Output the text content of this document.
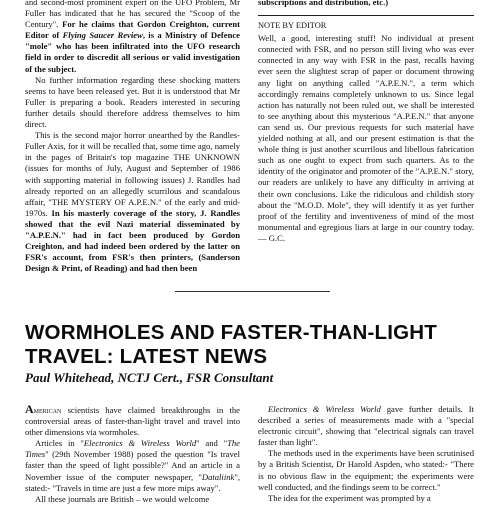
and second-most prominent expert on the UFO Problem, Mr Fuller has indicated that he has secured the "Scoop of the Century". For he claims that Gordon Creighton, current Editor of Flying Saucer Review, is a Ministry of Defence "mole" who has been infiltrated into the UFO research field in order to discredit all serious or valid investigation of the subject.

No further information regarding these shocking matters seems to have been released yet. But it is understood that Mr Fuller is preparing a book. Readers interested in securing further details should therefore address themselves to him direct.

This is the second major horror unearthed by the Randles-Fuller Axis, for it will be recalled that, some time ago, namely in the pages of Britain's top magazine THE UNKNOWN (issues for months of July, August and September of 1986 with supporting material in following issues) J. Randles had already reported on an allegedly scurrilous and scandalous affair, "THE MYSTERY OF A.P.E.N." of the early and mid-1970s. In his masterly coverage of the story, J. Randles showed that the evil Nazi material disseminated by "A.P.E.N." had in fact been produced by Gordon Creighton, and had indeed been ordered by the latter on FSR's account, from FSR's then printers, (Sanderson Design & Print, of Reading) and had then been

subscriptions and distribution, etc.)

NOTE BY EDITOR

Well, a good, interesting stuff! No individual at present connected with FSR, and no person still living who was ever connected in any way with FSR in the past, recalls having ever seen the slightest scrap of paper or document throwing any light on anything called "A.P.E.N.", a term which accordingly remains completely unknown to us. Since legal action has naturally not been ruled out, we shall be interested to see anything about this mysterious "A.P.E.N." that anyone can send us. Our previous requests for such material have yielded nothing at all, and our present estimation is that the whole thing is just another scurrilous and libellous fabrication such as one ought to expect from such quarters. As to the identity of the originator and promoter of the "A.P.E.N." story, our readers are unlikely to have any difficulty in arriving at their own conclusions. Like the ridiculous and childish story about the "M.O.D. Mole", they will identify it as yet further proof of the fertility and inventiveness of mind of the most monumental and egregious liars at large in our country today. — G.C.

WORMHOLES AND FASTER-THAN-LIGHT TRAVEL: LATEST NEWS
Paul Whitehead, NCTJ Cert., FSR Consultant

American scientists have claimed breakthroughs in the controversial areas of faster-than-light travel and travel into other dimensions via wormholes.

Articles in "Electronics & Wireless World" and "The Times" (29th November 1988) posed the question "Is travel faster than the speed of light possible?" And an article in a November issue of the computer newspaper, "Dataliink", stated:- "Travels in time are just a few more mips away".

All these journals are British – we would welcome

Electronics & Wireless World gave further details. It described a series of measurements made with a "special electronic circuit", showing that "electrical signals can travel faster than light".

The methods used in the experiments have been scrutinised by a British Scientist, Dr Harold Aspden, who stated:- "There is no obvious flaw in the equipment; the experiments were well conducted, and the findings seem to be correct."

The idea for the experiment was prompted by a
